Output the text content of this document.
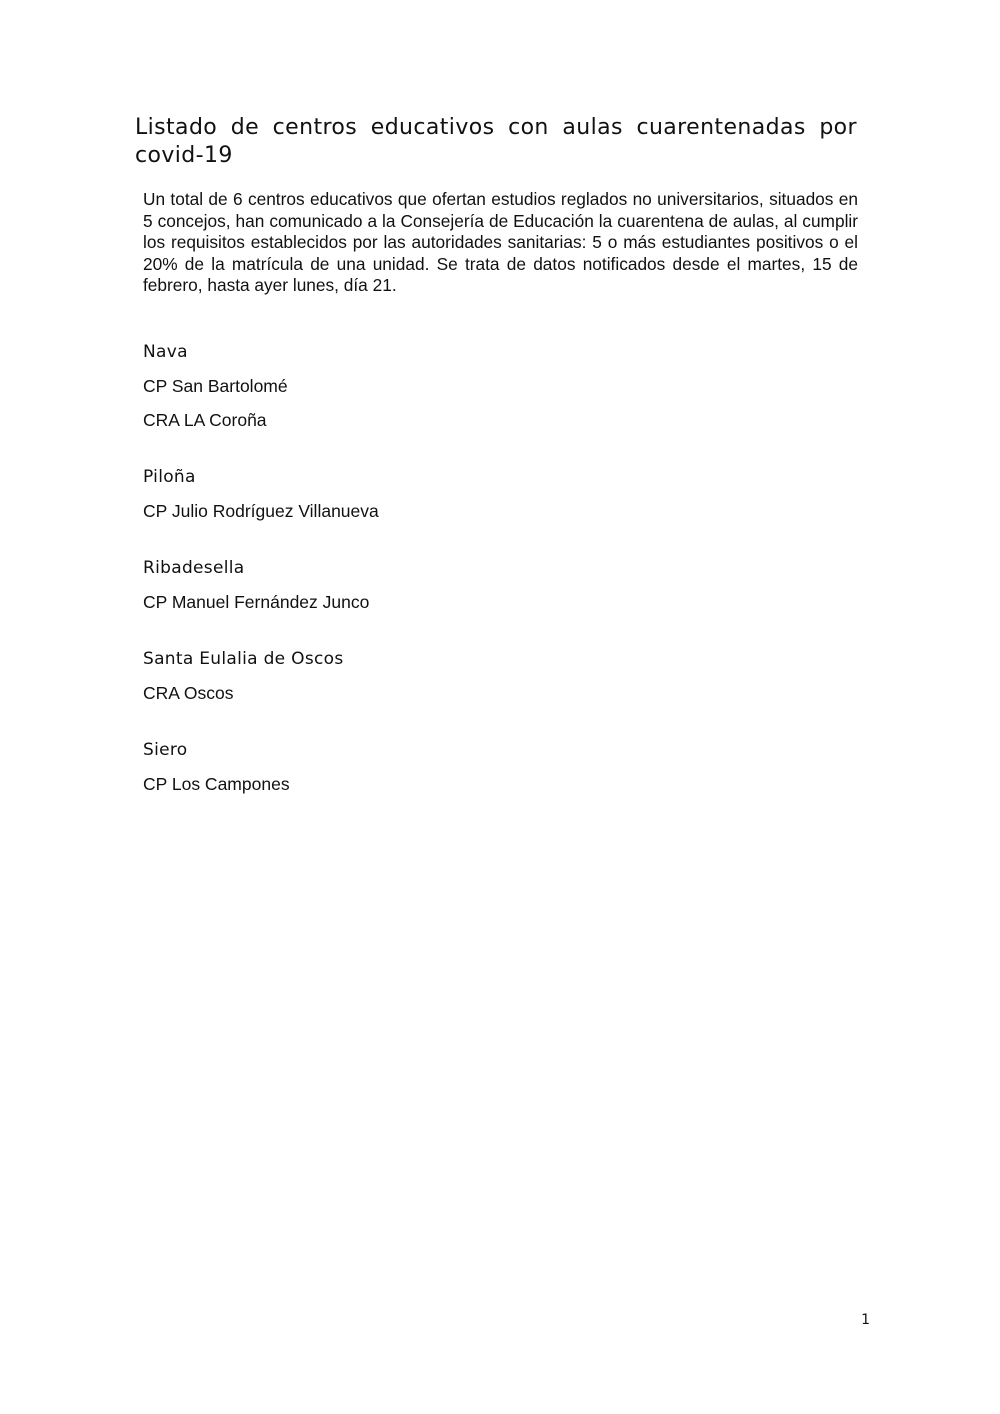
Listado de centros educativos con aulas cuarentenadas por covid-19

Un total de 6 centros educativos que ofertan estudios reglados no universitarios, situados en 5 concejos, han comunicado a la Consejería de Educación la cuarentena de aulas, al cumplir los requisitos establecidos por las autoridades sanitarias: 5 o más estudiantes positivos o el 20% de la matrícula de una unidad. Se trata de datos notificados desde el martes, 15 de febrero, hasta ayer lunes, día 21.

Nava
CP San Bartolomé
CRA LA Coroña
Piloña
CP Julio Rodríguez Villanueva
Ribadesella
CP Manuel Fernández Junco
Santa Eulalia de Oscos
CRA Oscos
Siero
CP Los Campones
1
